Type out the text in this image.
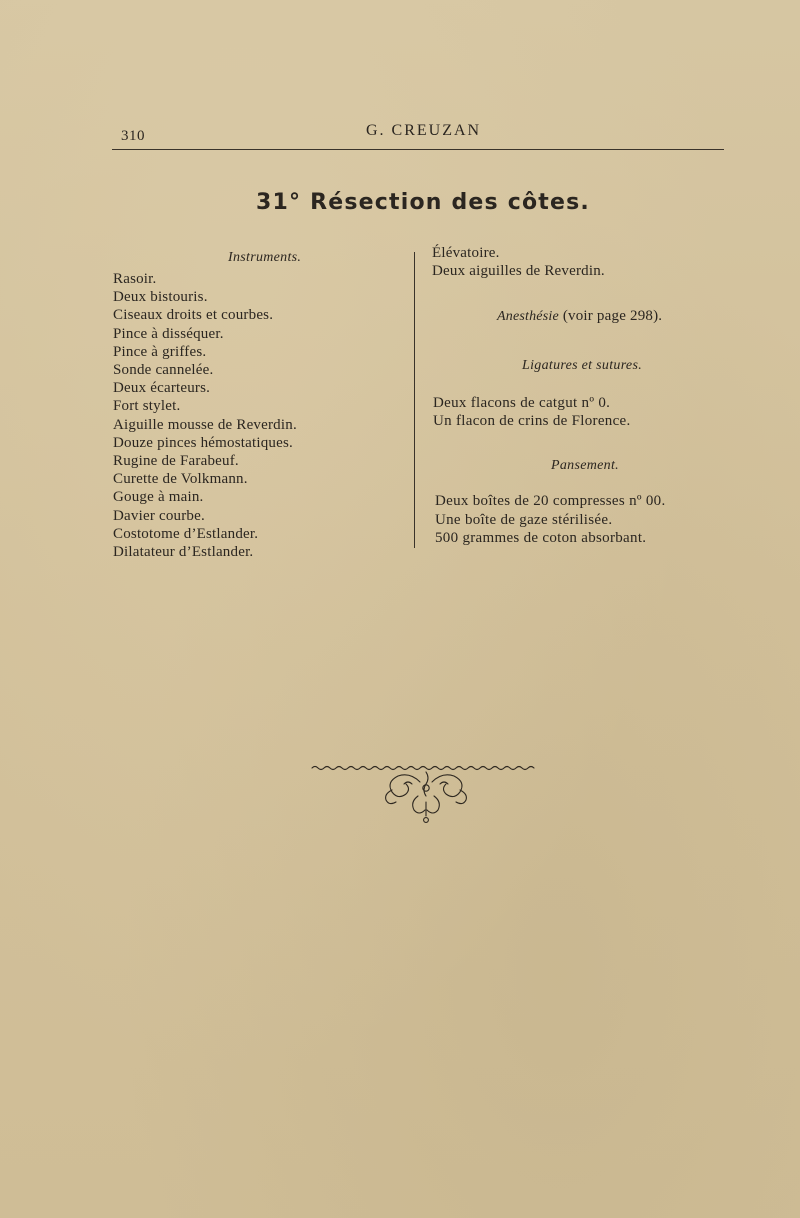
310	G. CREUZAN
31° Résection des côtes.
Instruments.
Rasoir.
Deux bistouris.
Ciseaux droits et courbes.
Pince à disséquer.
Pince à griffes.
Sonde cannelée.
Deux écarteurs.
Fort stylet.
Aiguille mousse de Reverdin.
Douze pinces hémostatiques.
Rugine de Farabeuf.
Curette de Volkmann.
Gouge à main.
Davier courbe.
Costotome d’Estlander.
Dilatateur d’Estlander.
Élévatoire.
Deux aiguilles de Reverdin.
Anesthésie (voir page 298).
Ligatures et sutures.
Deux flacons de catgut nº 0.
Un flacon de crins de Florence.
Pansement.
Deux boîtes de 20 compresses nº 00.
Une boîte de gaze stérilisée.
500 grammes de coton absorbant.
